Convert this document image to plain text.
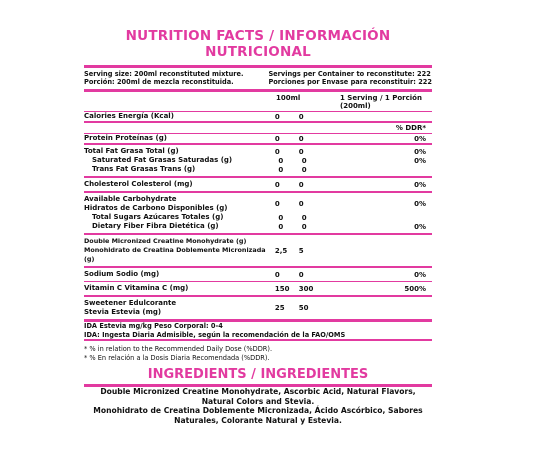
NUTRITION FACTS / INFORMACIÓN NUTRICIONAL
Serving size: 200ml reconstituted mixture.
Porción: 200ml de mezcla reconstituida.
Servings per Container to reconstitute: 222
Porciones por Envase para reconstituir: 222
100ml	1 Serving / 1 Porción (200ml)
Calories Energía (Kcal)	0	0
% DDR*
Protein Proteínas (g)	0	0	0%
Total Fat Grasa Total (g)	0	0	0%
Saturated Fat Grasas Saturadas (g)	0	0	0%
Trans Fat Grasas Trans (g)	0	0
Cholesterol Colesterol (mg)	0	0	0%
Available Carbohydrate
Hidratos de Carbono Disponibles (g)	0	0	0%
Total Sugars Azúcares Totales (g)	0	0
Dietary Fiber Fibra Dietética (g)	0	0	0%
Double Micronized Creatine Monohydrate (g)
Monohidrato de Creatina Doblemente Micronizada (g)
2,5	5
Sodium Sodio (mg)	0	0	0%
Vitamin C Vitamina C (mg)	150	300	500%
Sweetener Edulcorante
Stevia Estevia (mg)	25	50
IDA Estevia mg/kg Peso Corporal: 0-4
IDA: Ingesta Diaria Admisible, según la recomendación de la FAO/OMS
* % in relation to the Recommended Daily Dose (%DDR).
* % En relación a la Dosis Diaria Recomendada (%DDR).
INGREDIENTS / INGREDIENTES
Double Micronized Creatine Monohydrate, Ascorbic Acid, Natural Flavors,
Natural Colors and Stevia.
Monohidrato de Creatina Doblemente Micronizada, Ácido Ascórbico, Sabores
Naturales, Colorante Natural y Estevia.
